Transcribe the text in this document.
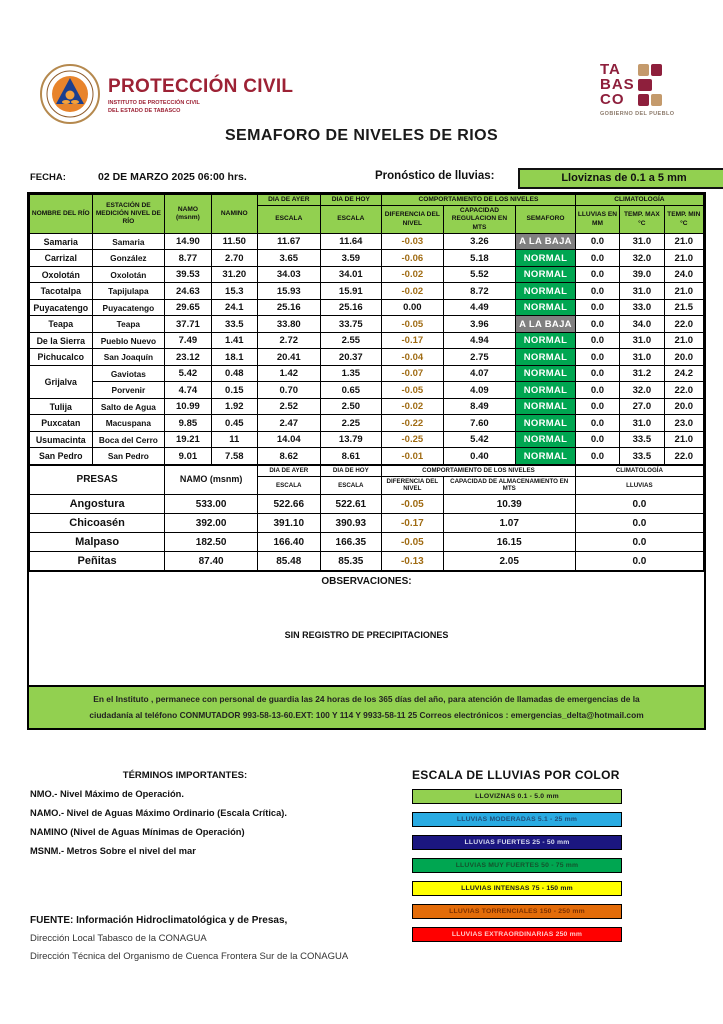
PROTECCIÓN CIVIL
INSTITUTO DE PROTECCIÓN CIVIL
DEL ESTADO DE TABASCO
TA
BAS
CO
GOBIERNO DEL PUEBLO
SEMAFORO DE NIVELES DE RIOS
FECHA:	02 DE MARZO 2025 06:00 hrs.	Pronóstico de lluvias:	Lloviznas de 0.1 a 5 mm
NOMBRE DEL RÍO	ESTACIÓN DE MEDICIÓN NIVEL DE RÍO	NAMO (msnm)	NAMINO	DIA DE AYER	DIA DE HOY	COMPORTAMIENTO DE LOS NIVELES			CLIMATOLOGÍA		
				ESCALA	ESCALA	DIFERENCIA DEL NIVEL	CAPACIDAD REGULACION EN MTS	SEMAFORO	LLUVIAS EN MM	TEMP. MAX °C	TEMP. MIN °C
Samaria	Samaria	14.90	11.50	11.67	11.64	-0.03	3.26	A LA BAJA	0.0	31.0	21.0
Carrizal	González	8.77	2.70	3.65	3.59	-0.06	5.18	NORMAL	0.0	32.0	21.0
Oxolotán	Oxolotán	39.53	31.20	34.03	34.01	-0.02	5.52	NORMAL	0.0	39.0	24.0
Tacotalpa	Tapijulapa	24.63	15.3	15.93	15.91	-0.02	8.72	NORMAL	0.0	31.0	21.0
Puyacatengo	Puyacatengo	29.65	24.1	25.16	25.16	0.00	4.49	NORMAL	0.0	33.0	21.5
Teapa	Teapa	37.71	33.5	33.80	33.75	-0.05	3.96	A LA BAJA	0.0	34.0	22.0
De la Sierra	Pueblo Nuevo	7.49	1.41	2.72	2.55	-0.17	4.94	NORMAL	0.0	31.0	21.0
Pichucalco	San Joaquín	23.12	18.1	20.41	20.37	-0.04	2.75	NORMAL	0.0	31.0	20.0
Grijalva	Gaviotas	5.42	0.48	1.42	1.35	-0.07	4.07	NORMAL	0.0	31.2	24.2
	Porvenir	4.74	0.15	0.70	0.65	-0.05	4.09	NORMAL	0.0	32.0	22.0
Tulija	Salto de Agua	10.99	1.92	2.52	2.50	-0.02	8.49	NORMAL	0.0	27.0	20.0
Puxcatan	Macuspana	9.85	0.45	2.47	2.25	-0.22	7.60	NORMAL	0.0	31.0	23.0
Usumacinta	Boca del Cerro	19.21	11	14.04	13.79	-0.25	5.42	NORMAL	0.0	33.5	21.0
San Pedro	San Pedro	9.01	7.58	8.62	8.61	-0.01	0.40	NORMAL	0.0	33.5	22.0
PRESAS	NAMO (msnm)	DIA DE AYER	DIA DE HOY	COMPORTAMIENTO DE LOS NIVELES		CLIMATOLOGÍA
		ESCALA	ESCALA	DIFERENCIA DEL NIVEL	CAPACIDAD DE ALMACENAMIENTO EN MTS	LLUVIAS
Angostura	533.00	522.66	522.61	-0.05	10.39	0.0
Chicoasén	392.00	391.10	390.93	-0.17	1.07	0.0
Malpaso	182.50	166.40	166.35	-0.05	16.15	0.0
Peñitas	87.40	85.48	85.35	-0.13	2.05	0.0
OBSERVACIONES:
SIN REGISTRO DE PRECIPITACIONES
En el Instituto , permanece con personal de guardia las 24 horas de los 365 días del año, para atención de llamadas de emergencias de la
ciudadanía al teléfono CONMUTADOR 993-58-13-60.EXT: 100 Y 114 Y 9933-58-11 25 Correos electrónicos : emergencias_delta@hotmail.com
TÉRMINOS IMPORTANTES:
NMO.- Nivel Máximo de Operación.
NAMO.- Nivel de Aguas Máximo Ordinario (Escala Crítica).
NAMINO (Nivel de Aguas Mínimas de Operación)
MSNM.- Metros Sobre el nivel del mar
ESCALA DE LLUVIAS POR COLOR
LLOVIZNAS 0.1 - 5.0 mm
LLUVIAS MODERADAS 5.1 - 25 mm
LLUVIAS FUERTES 25 - 50 mm
LLUVIAS MUY FUERTES 50 - 75 mm
LLUVIAS INTENSAS 75 - 150 mm
LLUVIAS TORRENCIALES 150 - 250 mm
LLUVIAS EXTRAORDINARIAS 250 mm
FUENTE: Información Hidroclimatológica y de Presas,
Dirección Local Tabasco de la CONAGUA
Dirección Técnica del Organismo de Cuenca Frontera Sur de la CONAGUA
